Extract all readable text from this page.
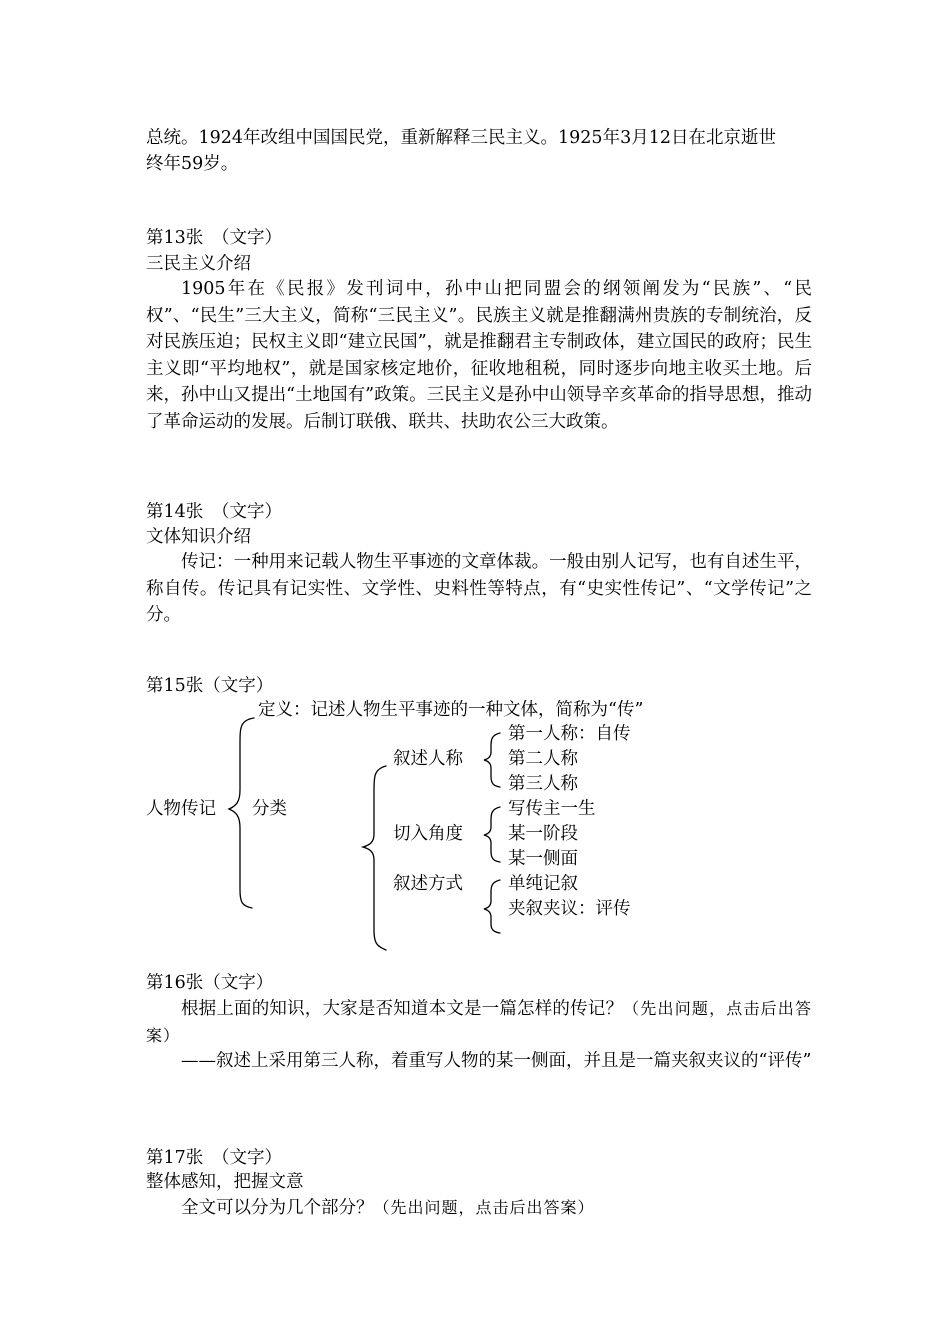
总统。1924年改组中国国民党，重新解释三民主义。1925年3月12日在北京逝世
终年59岁。
第13张　（文字）
三民主义介绍
1905年在《民报》发刊词中，孙中山把同盟会的纲领阐发为“民族”、“民权”、“民生”三大主义，简称“三民主义”。民族主义就是推翻满州贵族的专制统治，反对民族压迫；民权主义即“建立民国”，就是推翻君主专制政体，建立国民的政府；民生主义即“平均地权”，就是国家核定地价，征收地租税，同时逐步向地主收买土地。后来，孙中山又提出“土地国有”政策。三民主义是孙中山领导辛亥革命的指导思想，推动了革命运动的发展。后制订联俄、联共、扶助农公三大政策。
第14张　（文字）
文体知识介绍
传记：一种用来记载人物生平事迹的文章体裁。一般由别人记写，也有自述生平，称自传。传记具有记实性、文学性、史料性等特点，有“史实性传记”、“文学传记”之分。
第15张（文字）
定义：记述人物生平事迹的一种文体，简称为“传”
人物传记 分类
叙述人称
切入角度
叙述方式
第一人称：自传
第二人称
第三人称
写传主一生
某一阶段
某一侧面
单纯记叙
夹叙夹议：评传
第16张（文字）
根据上面的知识，大家是否知道本文是一篇怎样的传记？（先出问题，点击后出答案）
——叙述上采用第三人称，着重写人物的某一侧面，并且是一篇夹叙夹议的“评传”
第17张　（文字）
整体感知，把握文意
全文可以分为几个部分？（先出问题，点击后出答案）
